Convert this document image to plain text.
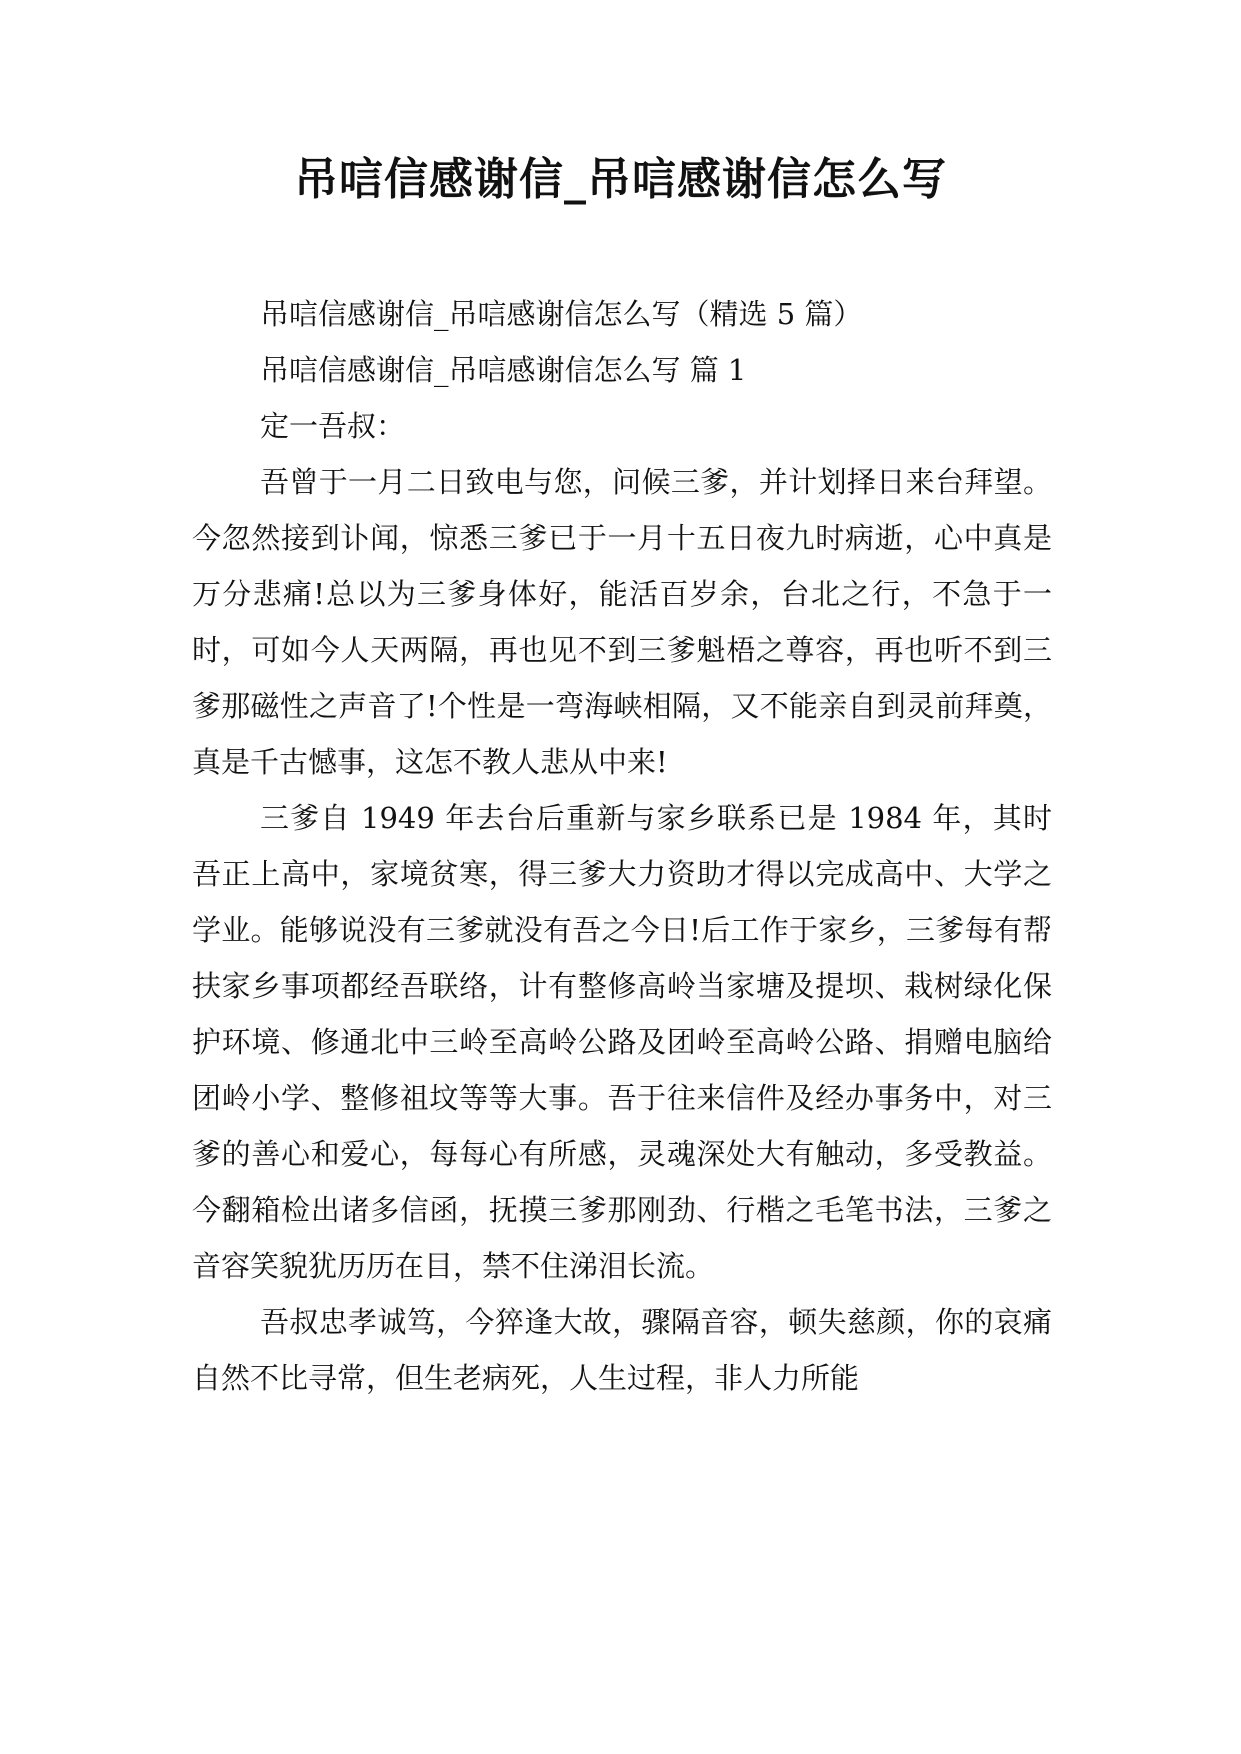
吊唁信感谢信_吊唁感谢信怎么写

吊唁信感谢信_吊唁感谢信怎么写（精选 5 篇）

吊唁信感谢信_吊唁感谢信怎么写 篇 1

定一吾叔：

吾曾于一月二日致电与您，问候三爹，并计划择日来台拜望。今忽然接到讣闻，惊悉三爹已于一月十五日夜九时病逝，心中真是万分悲痛!总以为三爹身体好，能活百岁余，台北之行，不急于一时，可如今人天两隔，再也见不到三爹魁梧之尊容，再也听不到三爹那磁性之声音了!个性是一弯海峡相隔，又不能亲自到灵前拜奠，真是千古憾事，这怎不教人悲从中来!

三爹自 1949 年去台后重新与家乡联系已是 1984 年，其时吾正上高中，家境贫寒，得三爹大力资助才得以完成高中、大学之学业。能够说没有三爹就没有吾之今日!后工作于家乡，三爹每有帮扶家乡事项都经吾联络，计有整修高岭当家塘及提坝、栽树绿化保护环境、修通北中三岭至高岭公路及团岭至高岭公路、捐赠电脑给团岭小学、整修祖坟等等大事。吾于往来信件及经办事务中，对三爹的善心和爱心，每每心有所感，灵魂深处大有触动，多受教益。今翻箱检出诸多信函，抚摸三爹那刚劲、行楷之毛笔书法，三爹之音容笑貌犹历历在目，禁不住涕泪长流。

吾叔忠孝诚笃，今猝逢大故，骤隔音容，顿失慈颜，你的哀痛自然不比寻常，但生老病死，人生过程，非人力所能
